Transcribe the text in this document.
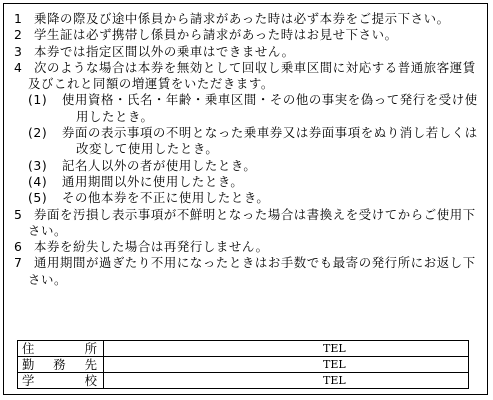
1 乗降の際及び途中係員から請求があった時は必ず本券をご提示下さい。
2 学生証は必ず携帯し係員から請求があった時はお見せ下さい。
3 本券では指定区間以外の乗車はできません。
4 次のような場合は本券を無効として回収し乗車区間に対応する普通旅客運賃及びこれと同額の増運賃をいただきます。
(1) 使用資格・氏名・年齢・乗車区間・その他の事実を偽って発行を受け使用したとき。
(2) 券面の表示事項の不明となった乗車券又は券面事項をぬり消し若しくは改変して使用したとき。
(3) 記名人以外の者が使用したとき。
(4) 通用期間以外に使用したとき。
(5) その他本券を不正に使用したとき。
5 券面を汚損し表示事項が不鮮明となった場合は書換えを受けてからご使用下さい。
6 本券を紛失した場合は再発行しません。
7 通用期間が過ぎたり不用になったときはお手数でも最寄の発行所にお返し下さい。
住 所	TEL

勤 務 先	TEL

学 校	TEL
